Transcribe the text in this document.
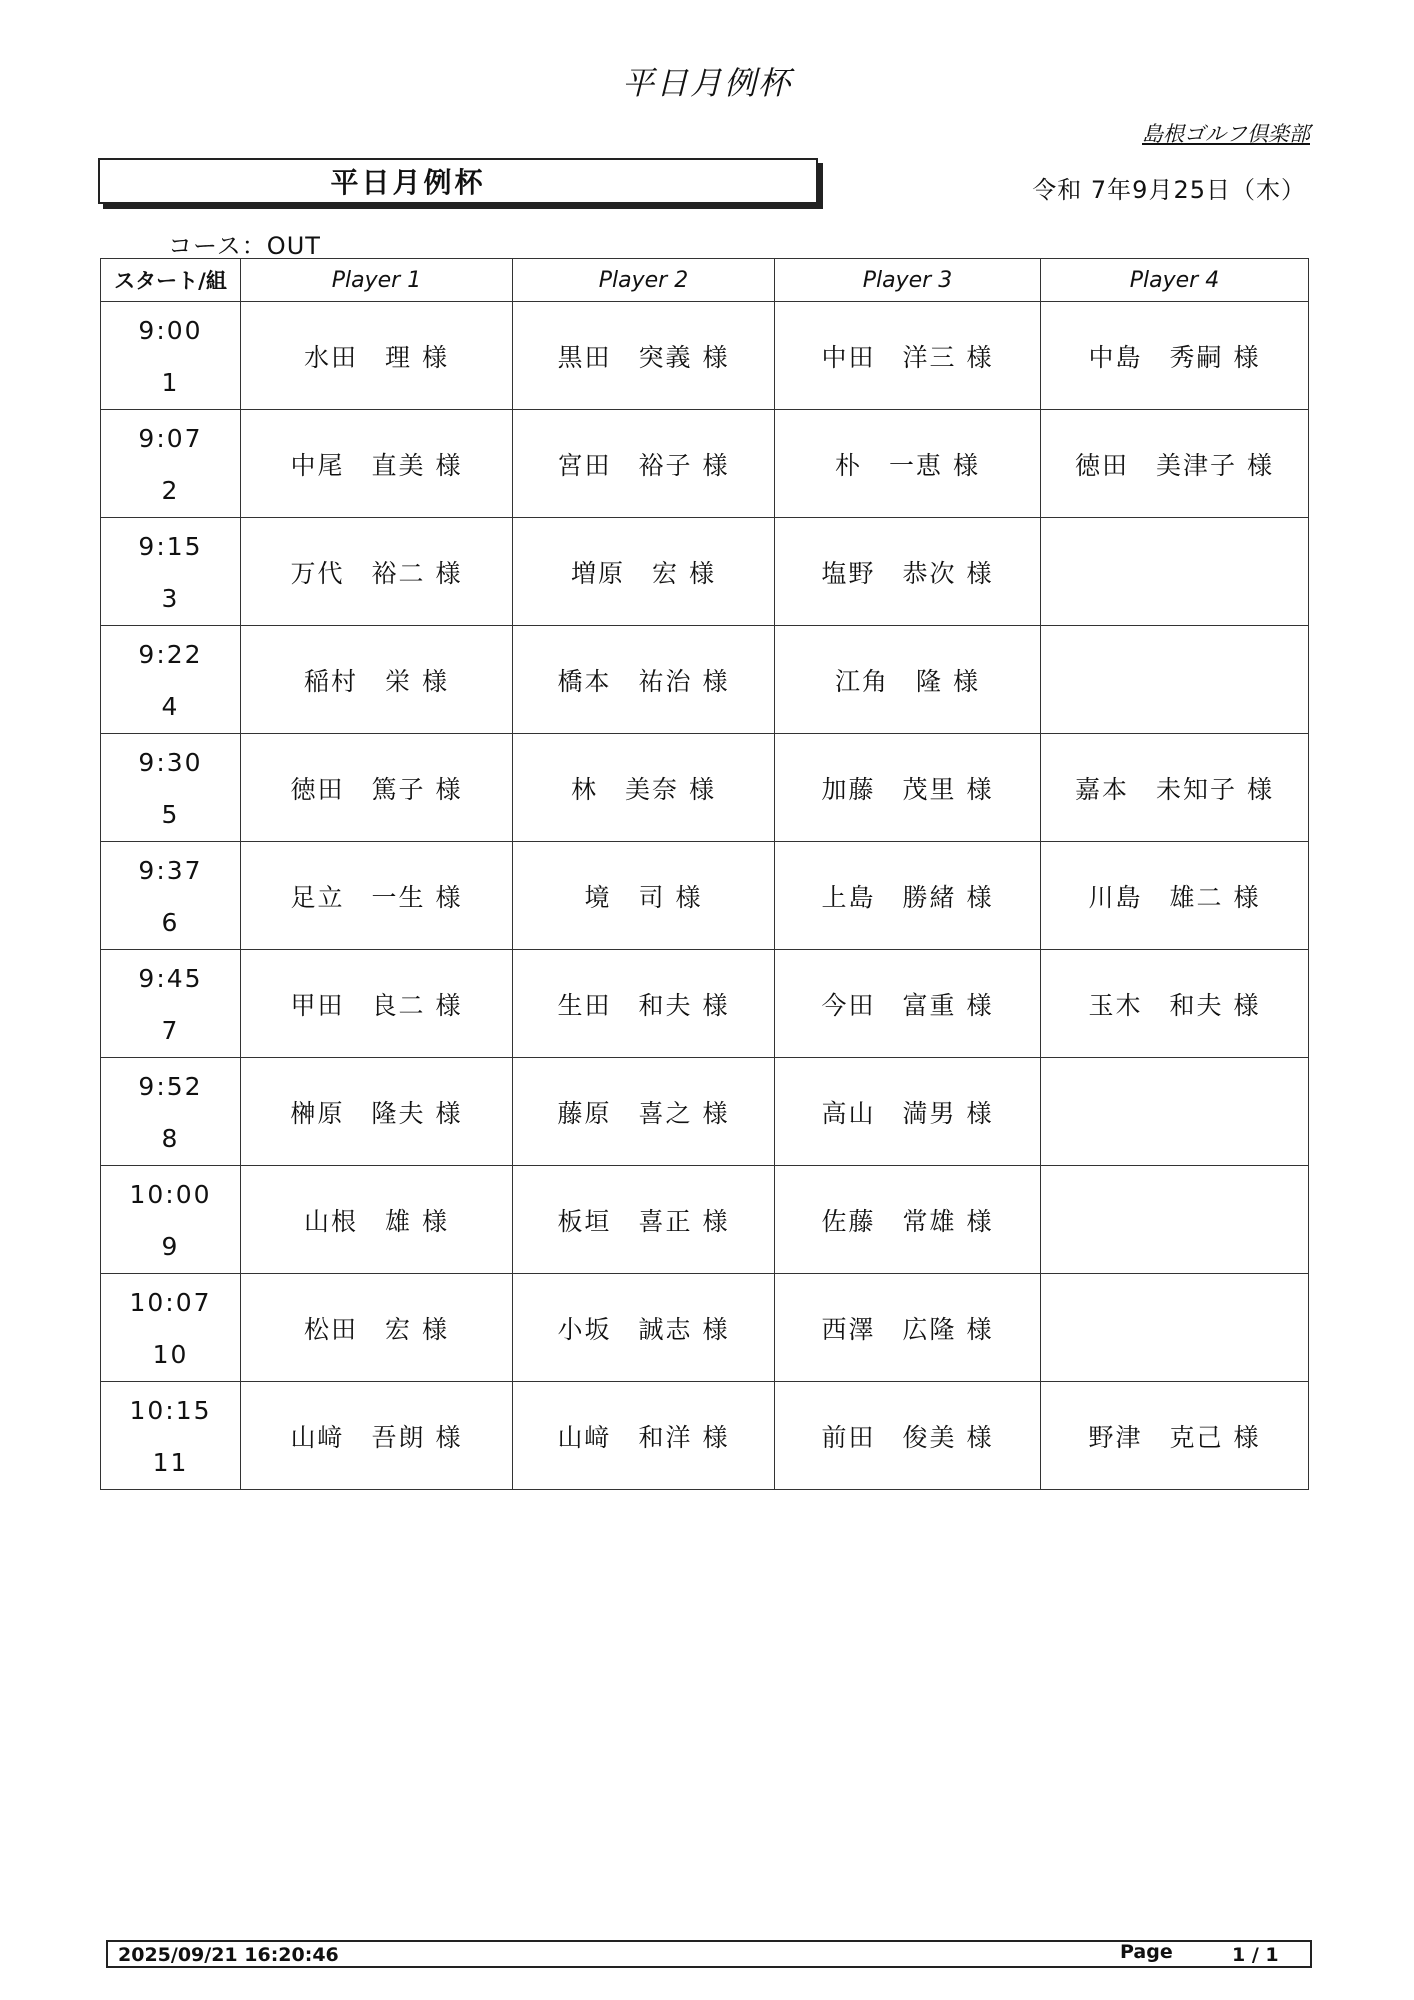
平日月例杯
島根ゴルフ倶楽部
平日月例杯	令和 7年9月25日（木）
コース：OUT
スタート/組	Player 1	Player 2	Player 3	Player 4

9:00
1	水田　理 様	黒田　突義 様	中田　洋三 様	中島　秀嗣 様

9:07
2	中尾　直美 様	宮田　裕子 様	朴　一恵 様	徳田　美津子 様

9:15
3	万代　裕二 様	増原　宏 様	塩野　恭次 様	

9:22
4	稲村　栄 様	橋本　祐治 様	江角　隆 様	

9:30
5	徳田　篤子 様	林　美奈 様	加藤　茂里 様	嘉本　未知子 様

9:37
6	足立　一生 様	境　司 様	上島　勝緒 様	川島　雄二 様

9:45
7	甲田　良二 様	生田　和夫 様	今田　富重 様	玉木　和夫 様

9:52
8	榊原　隆夫 様	藤原　喜之 様	高山　満男 様	

10:00
9	山根　雄 様	板垣　喜正 様	佐藤　常雄 様	

10:07
10	松田　宏 様	小坂　誠志 様	西澤　広隆 様	

10:15
11	山﨑　吾朗 様	山﨑　和洋 様	前田　俊美 様	野津　克己 様
2025/09/21 16:20:46	Page	1 / 1
